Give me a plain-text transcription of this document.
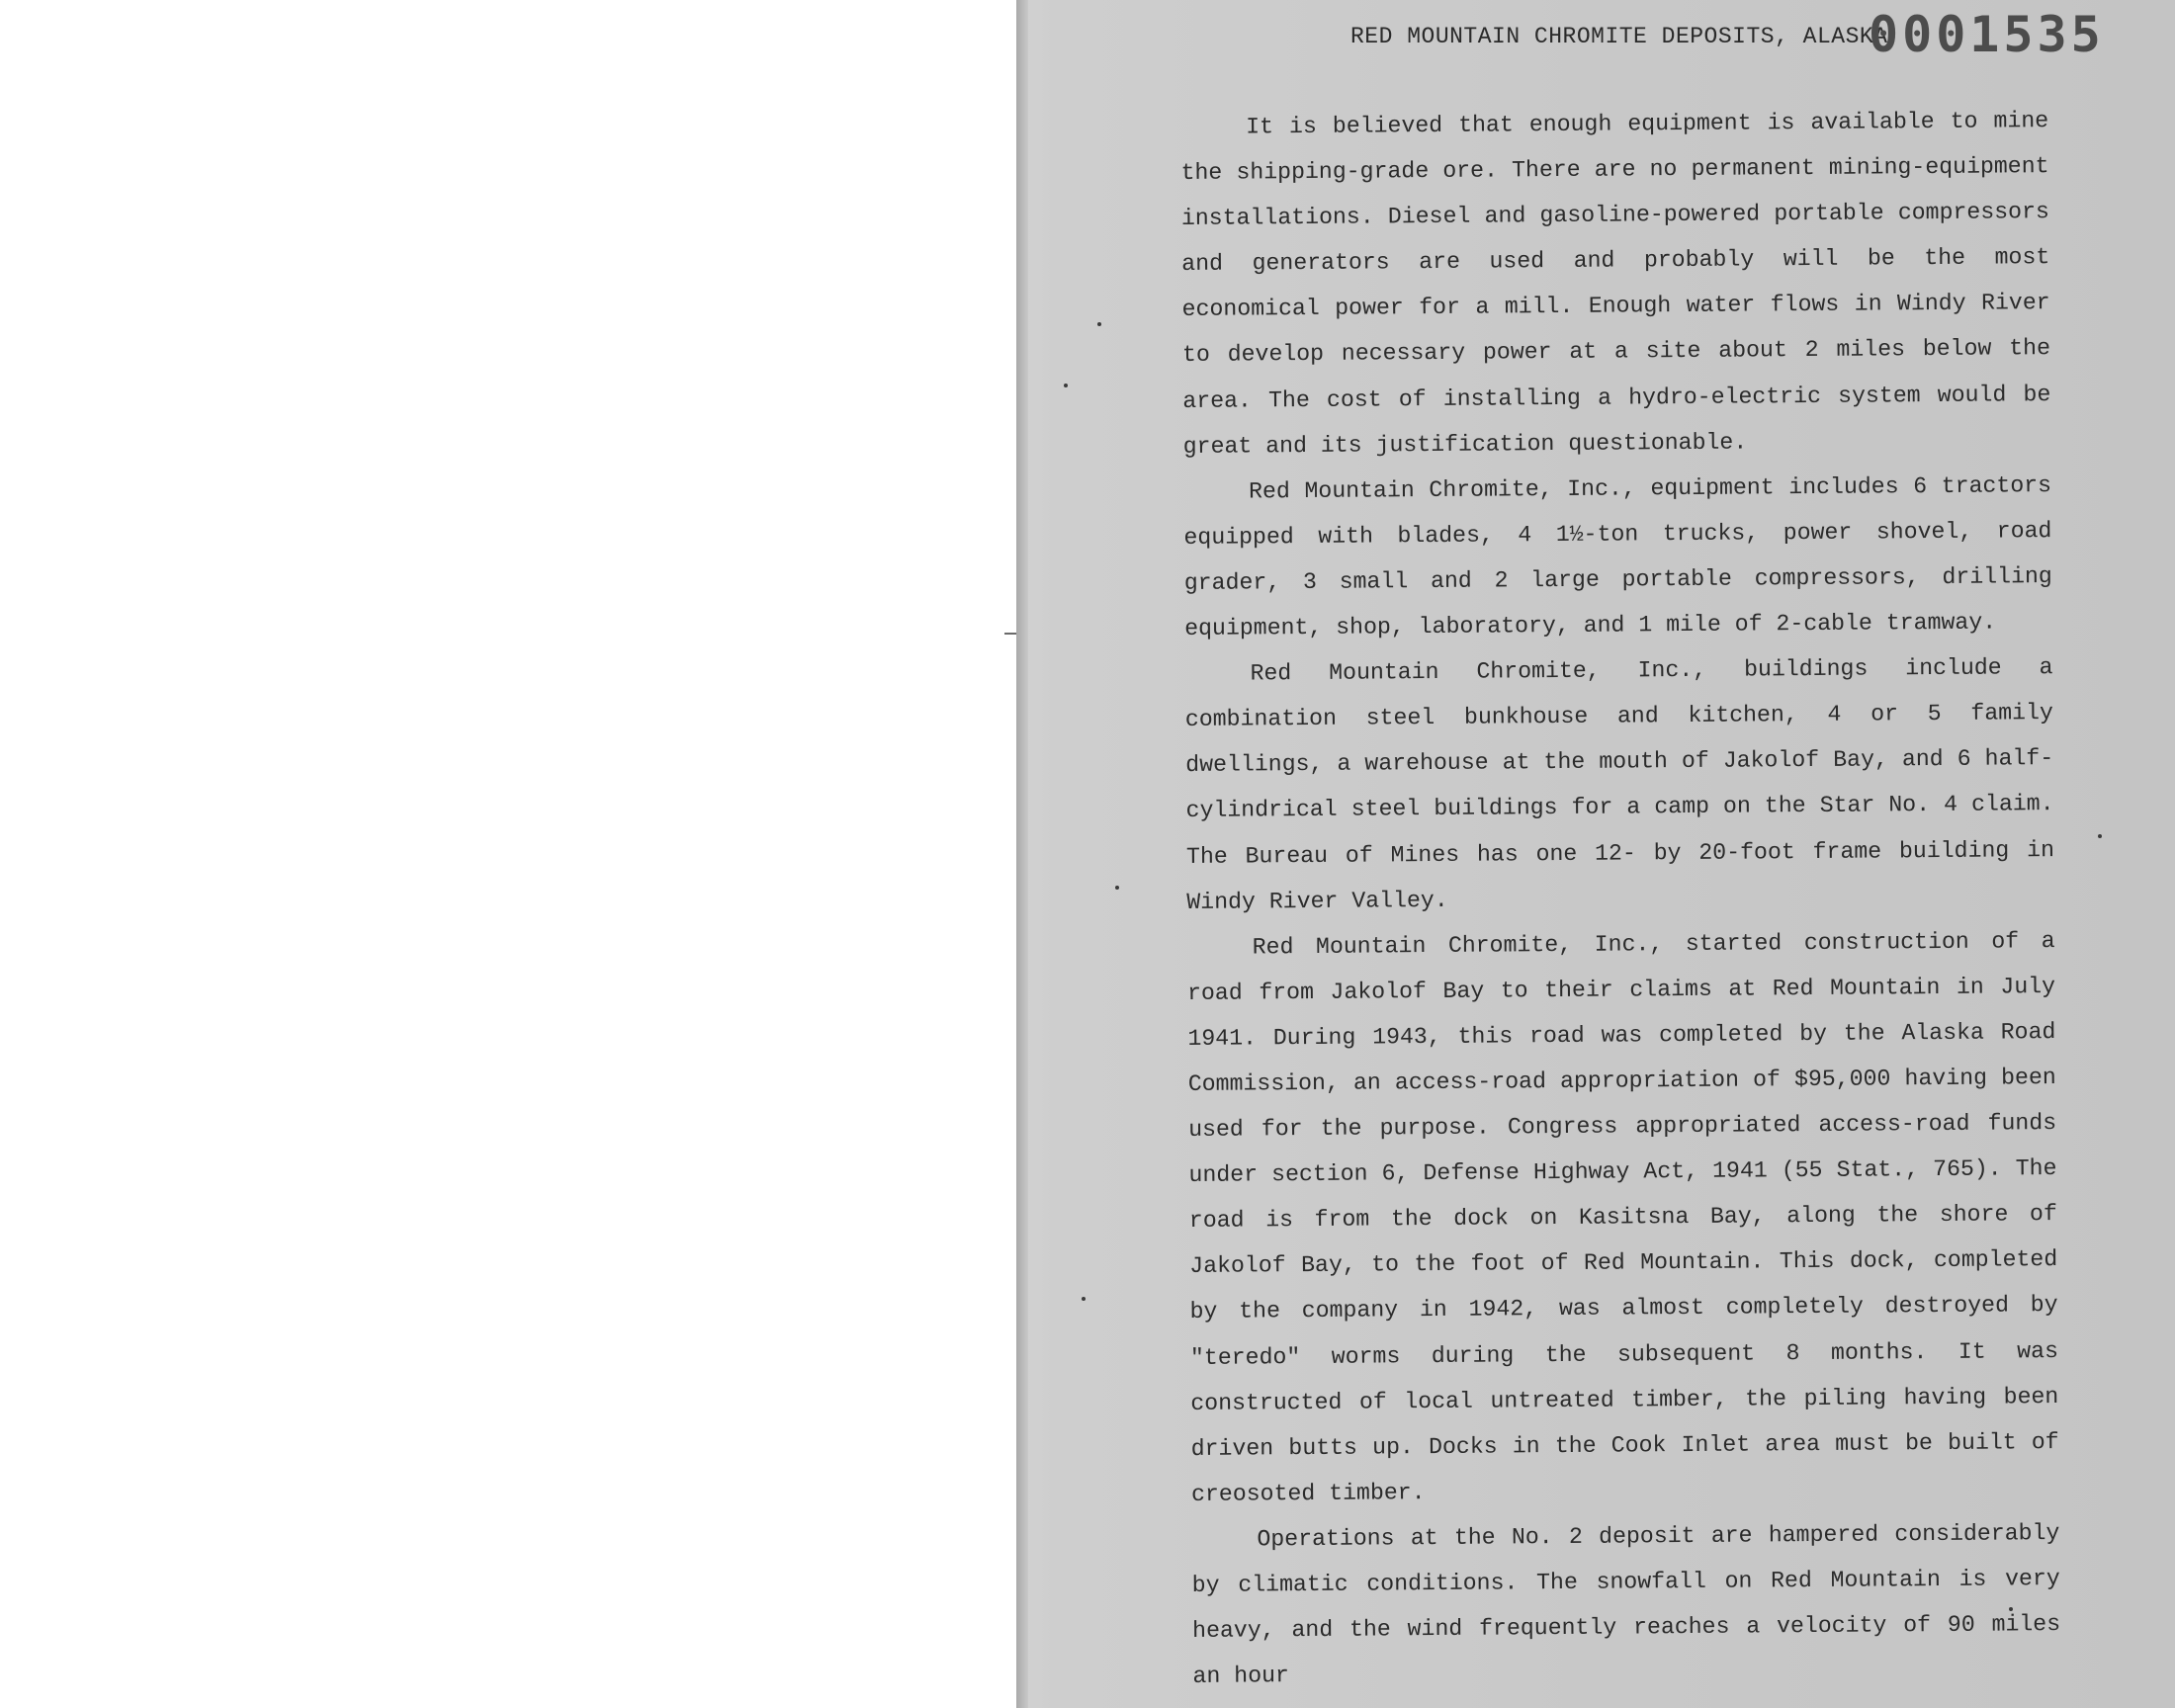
RED MOUNTAIN CHROMITE DEPOSITS, ALASKA
0001535

It is believed that enough equipment is available to mine the shipping-grade ore. There are no permanent mining-equipment installations. Diesel and gasoline-powered portable compressors and generators are used and probably will be the most economical power for a mill. Enough water flows in Windy River to develop necessary power at a site about 2 miles below the area. The cost of installing a hydro-electric system would be great and its justification questionable.

Red Mountain Chromite, Inc., equipment includes 6 tractors equipped with blades, 4 1½-ton trucks, power shovel, road grader, 3 small and 2 large portable compressors, drilling equipment, shop, laboratory, and 1 mile of 2-cable tramway.

Red Mountain Chromite, Inc., buildings include a combination steel bunkhouse and kitchen, 4 or 5 family dwellings, a warehouse at the mouth of Jakolof Bay, and 6 half-cylindrical steel buildings for a camp on the Star No. 4 claim. The Bureau of Mines has one 12- by 20-foot frame building in Windy River Valley.

Red Mountain Chromite, Inc., started construction of a road from Jakolof Bay to their claims at Red Mountain in July 1941. During 1943, this road was completed by the Alaska Road Commission, an access-road appropriation of $95,000 having been used for the purpose. Congress appropriated access-road funds under section 6, Defense Highway Act, 1941 (55 Stat., 765). The road is from the dock on Kasitsna Bay, along the shore of Jakolof Bay, to the foot of Red Mountain. This dock, completed by the company in 1942, was almost completely destroyed by "teredo" worms during the subsequent 8 months. It was constructed of local untreated timber, the piling having been driven butts up. Docks in the Cook Inlet area must be built of creosoted timber.

Operations at the No. 2 deposit are hampered considerably by climatic conditions. The snowfall on Red Mountain is very heavy, and the wind frequently reaches a velocity of 90 miles an hour
